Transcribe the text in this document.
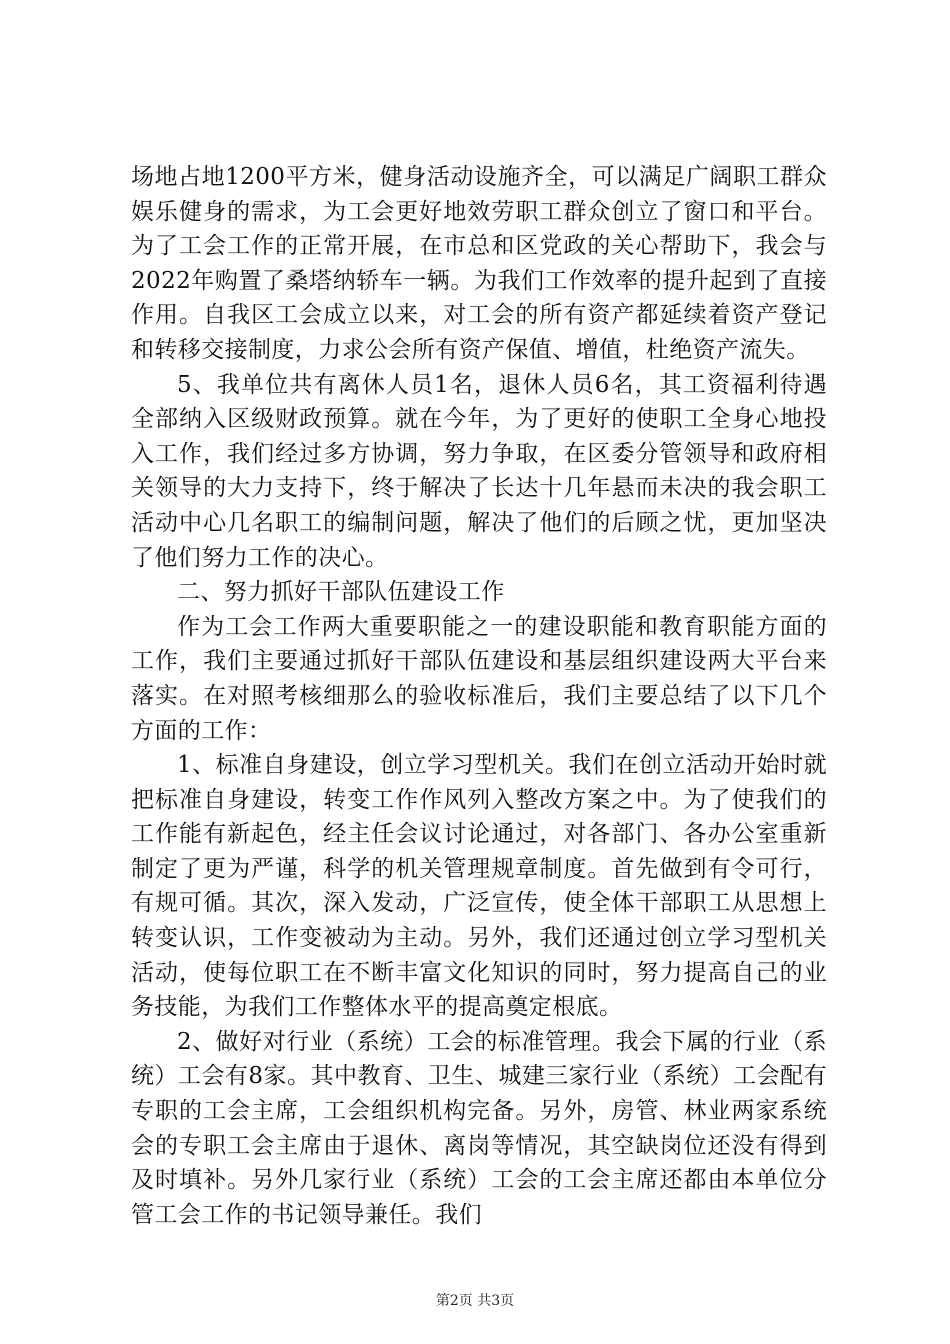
场地占地1200平方米，健身活动设施齐全，可以满足广阔职工群众娱乐健身的需求，为工会更好地效劳职工群众创立了窗口和平台。为了工会工作的正常开展，在市总和区党政的关心帮助下，我会与2022年购置了桑塔纳轿车一辆。为我们工作效率的提升起到了直接作用。自我区工会成立以来，对工会的所有资产都延续着资产登记和转移交接制度，力求公会所有资产保值、增值，杜绝资产流失。

5、我单位共有离休人员1名，退休人员6名，其工资福利待遇全部纳入区级财政预算。就在今年，为了更好的使职工全身心地投入工作，我们经过多方协调，努力争取，在区委分管领导和政府相关领导的大力支持下，终于解决了长达十几年悬而未决的我会职工活动中心几名职工的编制问题，解决了他们的后顾之忧，更加坚决了他们努力工作的决心。

二、努力抓好干部队伍建设工作

作为工会工作两大重要职能之一的建设职能和教育职能方面的工作，我们主要通过抓好干部队伍建设和基层组织建设两大平台来落实。在对照考核细那么的验收标准后，我们主要总结了以下几个方面的工作：

1、标准自身建设，创立学习型机关。我们在创立活动开始时就把标准自身建设，转变工作作风列入整改方案之中。为了使我们的工作能有新起色，经主任会议讨论通过，对各部门、各办公室重新制定了更为严谨，科学的机关管理规章制度。首先做到有令可行，有规可循。其次，深入发动，广泛宣传，使全体干部职工从思想上转变认识，工作变被动为主动。另外，我们还通过创立学习型机关活动，使每位职工在不断丰富文化知识的同时，努力提高自己的业务技能，为我们工作整体水平的提高奠定根底。

2、做好对行业（系统）工会的标准管理。我会下属的行业（系统）工会有8家。其中教育、卫生、城建三家行业（系统）工会配有专职的工会主席，工会组织机构完备。另外，房管、林业两家系统会的专职工会主席由于退休、离岗等情况，其空缺岗位还没有得到及时填补。另外几家行业（系统）工会的工会主席还都由本单位分管工会工作的书记领导兼任。我们

第2页 共3页
